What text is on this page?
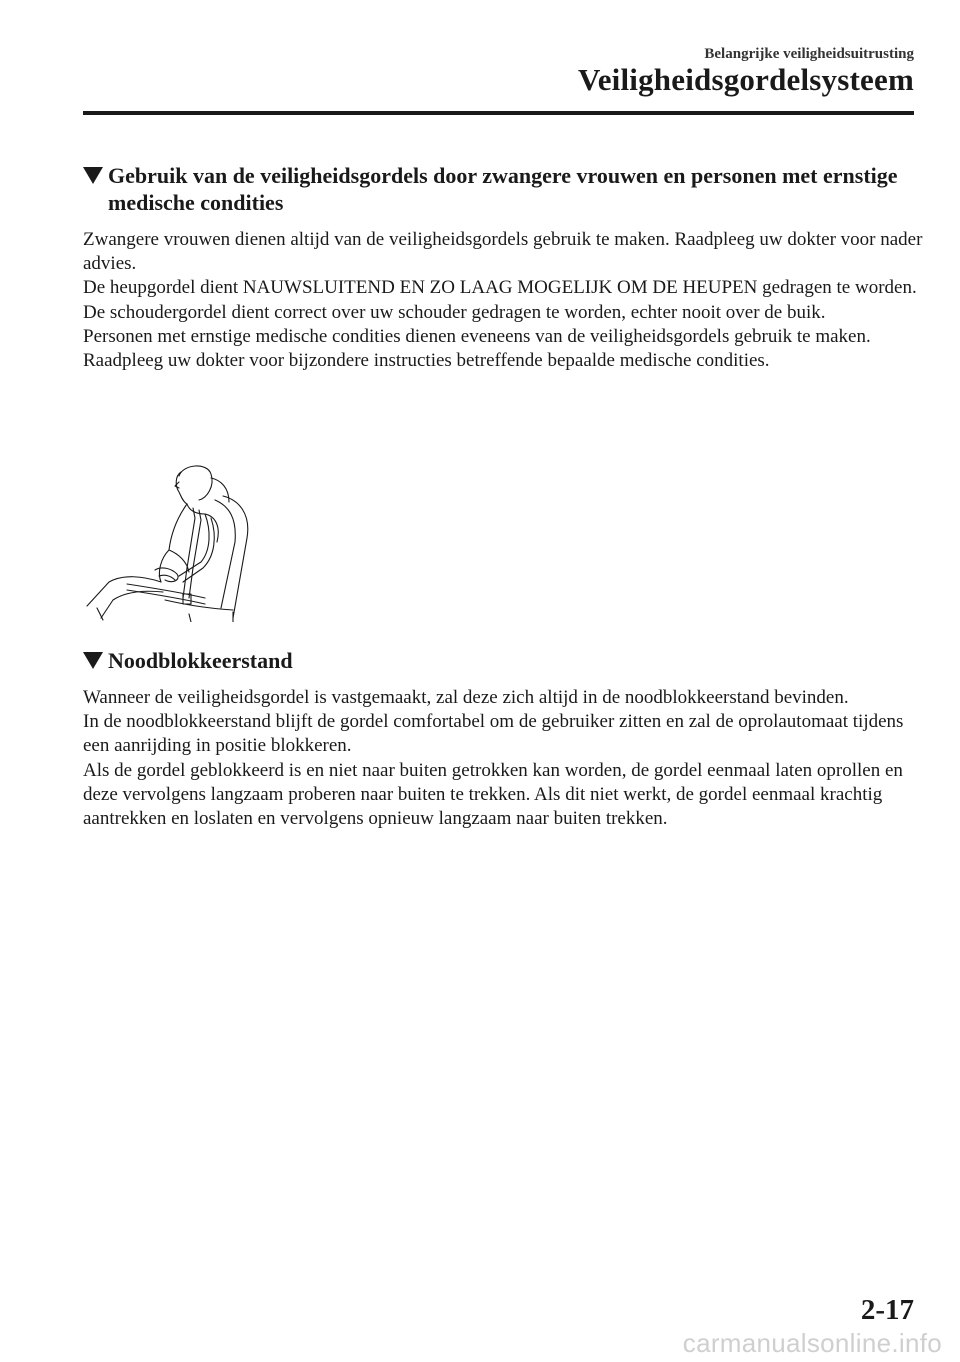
Belangrijke veiligheidsuitrusting
Veiligheidsgordelsysteem
Gebruik van de veiligheidsgordels door zwangere vrouwen en personen met ernstige medische condities

Zwangere vrouwen dienen altijd van de veiligheidsgordels gebruik te maken. Raadpleeg uw dokter voor nader advies.

De heupgordel dient NAUWSLUITEND EN ZO LAAG MOGELIJK OM DE HEUPEN gedragen te worden.

De schoudergordel dient correct over uw schouder gedragen te worden, echter nooit over de buik.

Personen met ernstige medische condities dienen eveneens van de veiligheidsgordels gebruik te maken. Raadpleeg uw dokter voor bijzondere instructies betreffende bepaalde medische condities.

Noodblokkeerstand

Wanneer de veiligheidsgordel is vastgemaakt, zal deze zich altijd in de noodblokkeerstand bevinden.

In de noodblokkeerstand blijft de gordel comfortabel om de gebruiker zitten en zal de oprolautomaat tijdens een aanrijding in positie blokkeren.

Als de gordel geblokkeerd is en niet naar buiten getrokken kan worden, de gordel eenmaal laten oprollen en deze vervolgens langzaam proberen naar buiten te trekken. Als dit niet werkt, de gordel eenmaal krachtig aantrekken en loslaten en vervolgens opnieuw langzaam naar buiten trekken.

2-17
carmanualsonline.info
